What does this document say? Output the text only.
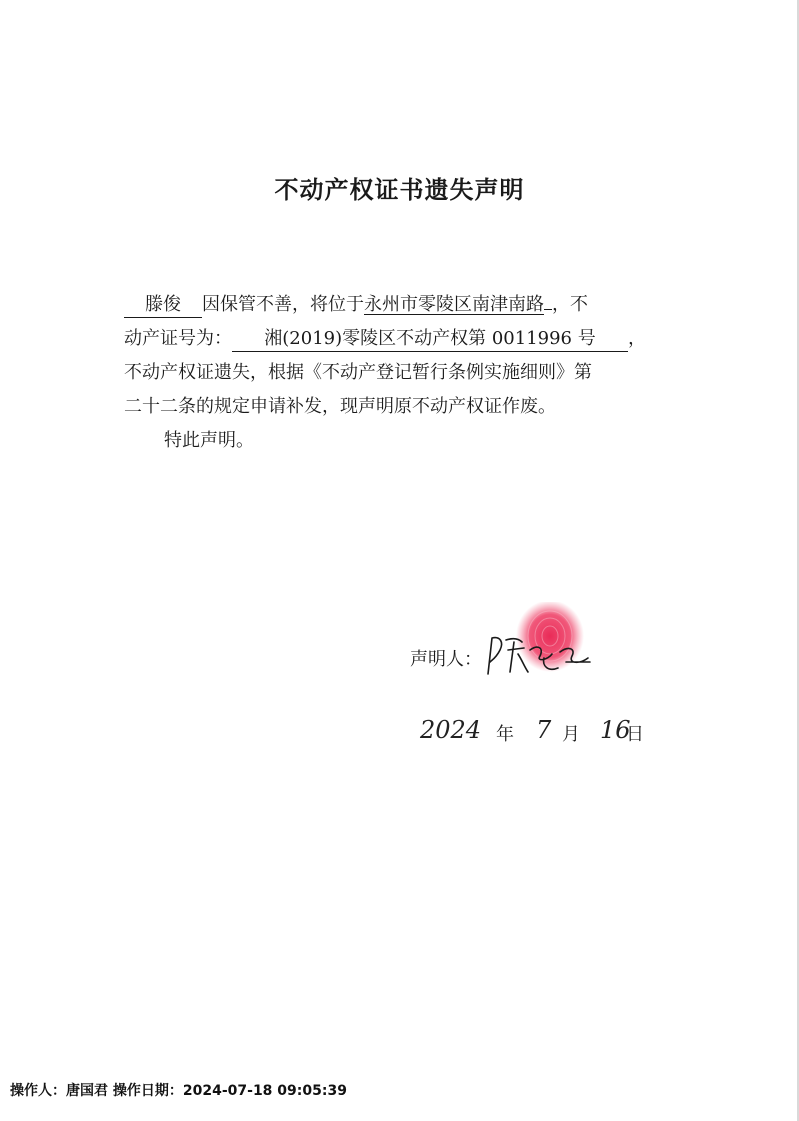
不动产权证书遗失声明
滕俊 因保管不善，将位于永州市零陵区南津南路 ，不
动产证号为： 湘(2019)零陵区不动产权第 0011996 号 ，
不动产权证遗失，根据《不动产登记暂行条例实施细则》第
二十二条的规定申请补发，现声明原不动产权证作废。
特此声明。
声明人：
2024 年 7 月 16
日
操作人：唐国君 操作日期：2024-07-18 09:05:39
